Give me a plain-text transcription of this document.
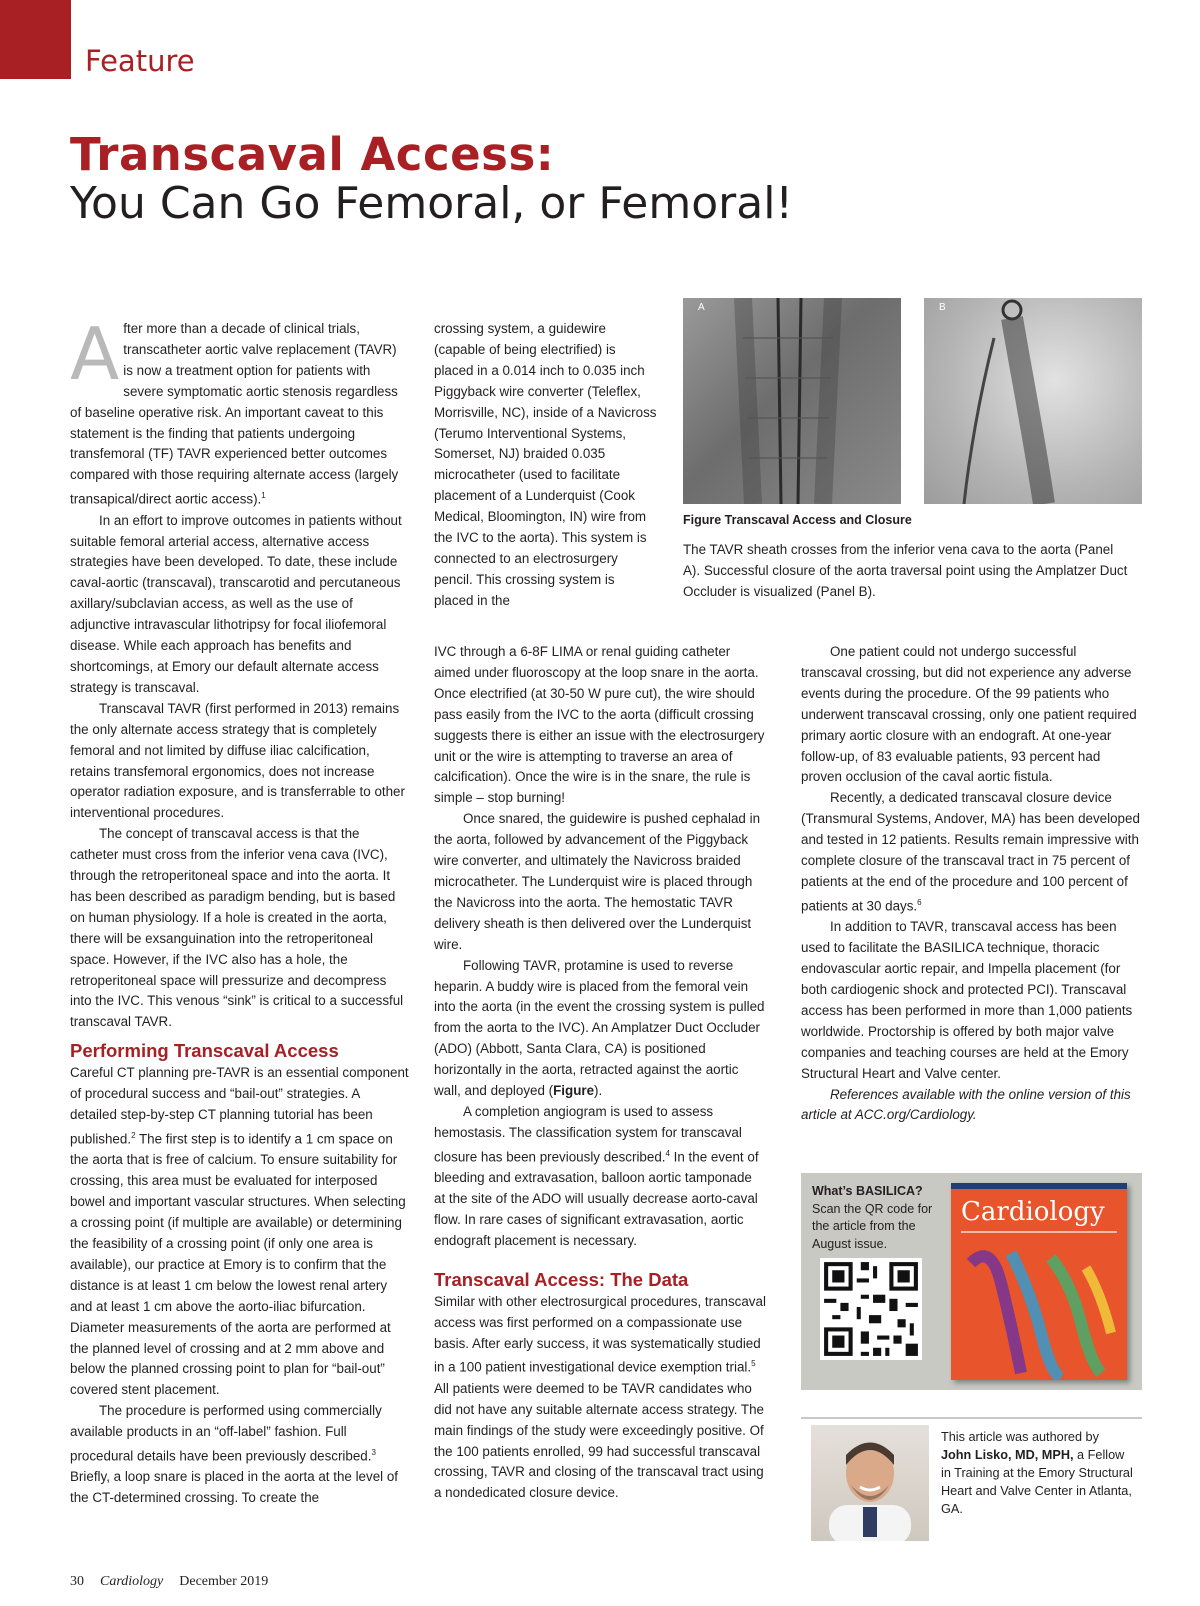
Feature
Transcaval Access:
You Can Go Femoral, or Femoral!

After more than a decade of clinical trials, transcatheter aortic valve replacement (TAVR) is now a treatment option for patients with severe symptomatic aortic stenosis regardless of baseline operative risk. An important caveat to this statement is the finding that patients undergoing transfemoral (TF) TAVR experienced better outcomes compared with those requiring alternate access (largely transapical/direct aortic access).$^1$

In an effort to improve outcomes in patients without suitable femoral arterial access, alternative access strategies have been developed. To date, these include caval-aortic (transcaval), transcarotid and percutaneous axillary/subclavian access, as well as the use of adjunctive intravascular lithotripsy for focal iliofemoral disease. While each approach has benefits and shortcomings, at Emory our default alternate access strategy is transcaval.

Transcaval TAVR (first performed in 2013) remains the only alternate access strategy that is completely femoral and not limited by diffuse iliac calcification, retains transfemoral ergonomics, does not increase operator radiation exposure, and is transferrable to other interventional procedures.

The concept of transcaval access is that the catheter must cross from the inferior vena cava (IVC), through the retroperitoneal space and into the aorta. It has been described as paradigm bending, but is based on human physiology. If a hole is created in the aorta, there will be exsanguination into the retroperitoneal space. However, if the IVC also has a hole, the retroperitoneal space will pressurize and decompress into the IVC. This venous “sink” is critical to a successful transcaval TAVR.

Performing Transcaval Access

Careful CT planning pre-TAVR is an essential component of procedural success and “bail-out” strategies. A detailed step-by-step CT planning tutorial has been published.$^2$ The first step is to identify a 1 cm space on the aorta that is free of calcium. To ensure suitability for crossing, this area must be evaluated for interposed bowel and important vascular structures. When selecting a crossing point (if multiple are available) or determining the feasibility of a crossing point (if only one area is available), our practice at Emory is to confirm that the distance is at least 1 cm below the lowest renal artery and at least 1 cm above the aorto-iliac bifurcation. Diameter measurements of the aorta are performed at the planned level of crossing and at 2 mm above and below the planned crossing point to plan for “bail-out” covered stent placement.

The procedure is performed using commercially available products in an “off-label” fashion. Full procedural details have been previously described.$^3$ Briefly, a loop snare is placed in the aorta at the level of the CT-determined crossing. To create the

crossing system, a guidewire (capable of being electrified) is placed in a 0.014 inch to 0.035 inch Piggyback wire converter (Teleflex, Morrisville, NC), inside of a Navicross (Terumo Interventional Systems, Somerset, NJ) braided 0.035 microcatheter (used to facilitate placement of a Lunderquist (Cook Medical, Bloomington, IN) wire from the IVC to the aorta). This system is connected to an electrosurgery pencil. This crossing system is placed in the

A	B
Figure Transcaval Access and Closure
The TAVR sheath crosses from the inferior vena cava to the aorta (Panel A). Successful closure of the aorta traversal point using the Amplatzer Duct Occluder is visualized (Panel B).

IVC through a 6-8F LIMA or renal guiding catheter aimed under fluoroscopy at the loop snare in the aorta. Once electrified (at 30-50 W pure cut), the wire should pass easily from the IVC to the aorta (difficult crossing suggests there is either an issue with the electrosurgery unit or the wire is attempting to traverse an area of calcification). Once the wire is in the snare, the rule is simple – stop burning!

Once snared, the guidewire is pushed cephalad in the aorta, followed by advancement of the Piggyback wire converter, and ultimately the Navicross braided microcatheter. The Lunderquist wire is placed through the Navicross into the aorta. The hemostatic TAVR delivery sheath is then delivered over the Lunderquist wire.

Following TAVR, protamine is used to reverse heparin. A buddy wire is placed from the femoral vein into the aorta (in the event the crossing system is pulled from the aorta to the IVC). An Amplatzer Duct Occluder (ADO) (Abbott, Santa Clara, CA) is positioned horizontally in the aorta, retracted against the aortic wall, and deployed (Figure).

A completion angiogram is used to assess hemostasis. The classification system for transcaval closure has been previously described.$^4$ In the event of bleeding and extravasation, balloon aortic tamponade at the site of the ADO will usually decrease aorto-caval flow. In rare cases of significant extravasation, aortic endograft placement is necessary.

Transcaval Access: The Data

Similar with other electrosurgical procedures, transcaval access was first performed on a compassionate use basis. After early success, it was systematically studied in a 100 patient investigational device exemption trial.$^5$ All patients were deemed to be TAVR candidates who did not have any suitable alternate access strategy. The main findings of the study were exceedingly positive. Of the 100 patients enrolled, 99 had successful transcaval crossing, TAVR and closing of the transcaval tract using a nondedicated closure device.

One patient could not undergo successful transcaval crossing, but did not experience any adverse events during the procedure. Of the 99 patients who underwent transcaval crossing, only one patient required primary aortic closure with an endograft. At one-year follow-up, of 83 evaluable patients, 93 percent had proven occlusion of the caval aortic fistula.

Recently, a dedicated transcaval closure device (Transmural Systems, Andover, MA) has been developed and tested in 12 patients. Results remain impressive with complete closure of the transcaval tract in 75 percent of patients at the end of the procedure and 100 percent of patients at 30 days.$^6$

In addition to TAVR, transcaval access has been used to facilitate the BASILICA technique, thoracic endovascular aortic repair, and Impella placement (for both cardiogenic shock and protected PCI). Transcaval access has been performed in more than 1,000 patients worldwide. Proctorship is offered by both major valve companies and teaching courses are held at the Emory Structural Heart and Valve center.

References available with the online version of this article at ACC.org/Cardiology.

What’s BASILICA?
Scan the QR code for the article from the August issue.
Cardiology
This article was authored by
John Lisko, MD, MPH, a Fellow in Training at the Emory Structural Heart and Valve Center in Atlanta, GA.
30 Cardiology December 2019
